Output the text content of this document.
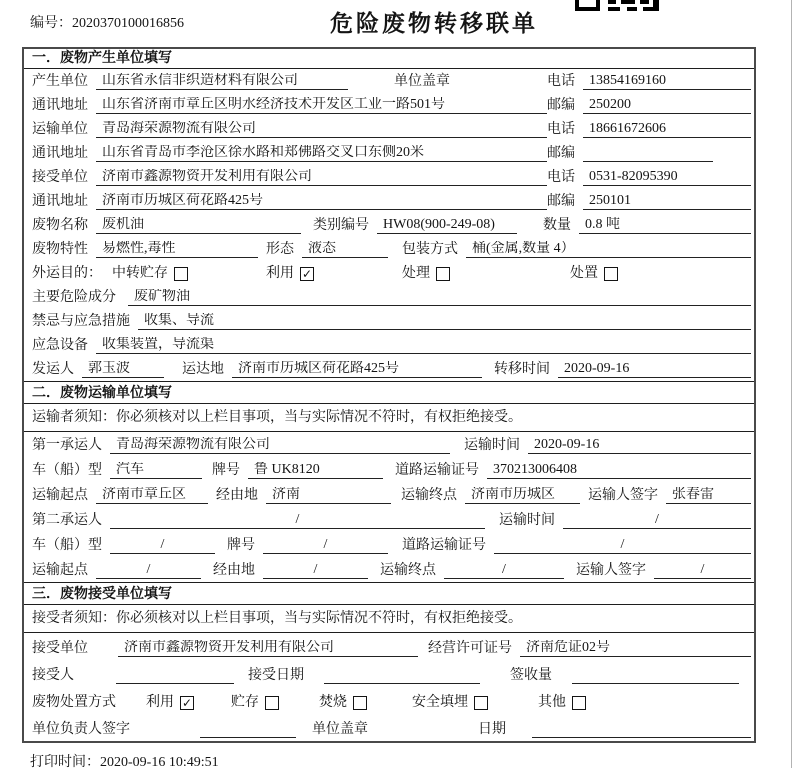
编号：2020370100016856	危险废物转移联单
一．废物产生单位填写
产生单位	山东省永信非织造材料有限公司	单位盖章	电话	13854169160
通讯地址	山东省济南市章丘区明水经济技术开发区工业一路501号	邮编	250200
运输单位	青岛海荣源物流有限公司	电话	18661672606
通讯地址	山东省青岛市李沧区徐水路和郑佛路交叉口东侧20米	邮编
接受单位	济南市鑫源物资开发利用有限公司	电话	0531-82095390
通讯地址	济南市历城区荷花路425号	邮编	250101
废物名称	废机油	类别编号	HW08(900-249-08)	数量	0.8 吨
废物特性	易燃性,毒性	形态	液态	包装方式	桶(金属,数量 4）
外运目的： 中转贮存	利用 ✓	处理	处置
主要危险成分	废矿物油
禁忌与应急措施	收集、导流
应急设备	收集装置，导流渠
发运人	郭玉波	运达地	济南市历城区荷花路425号	转移时间	2020-09-16
二．废物运输单位填写
运输者须知：你必须核对以上栏目事项，当与实际情况不符时，有权拒绝接受。
第一承运人	青岛海荣源物流有限公司	运输时间	2020-09-16
车（船）型	汽车	牌号	鲁 UK8120	道路运输证号	370213006408
运输起点	济南市章丘区	经由地	济南	运输终点	济南市历城区	运输人签字	张春雷
第二承运人	/	运输时间	/
车（船）型	/	牌号	/	道路运输证号	/
运输起点	/	经由地	/	运输终点	/	运输人签字	/
三．废物接受单位填写
接受者须知：你必须核对以上栏目事项，当与实际情况不符时，有权拒绝接受。
接受单位	济南市鑫源物资开发利用有限公司	经营许可证号	济南危证02号
接受人	接受日期	签收量
废物处置方式 利用 ✓	贮存	焚烧	安全填埋	其他
单位负责人签字	单位盖章	日期
打印时间：2020-09-16 10:49:51
